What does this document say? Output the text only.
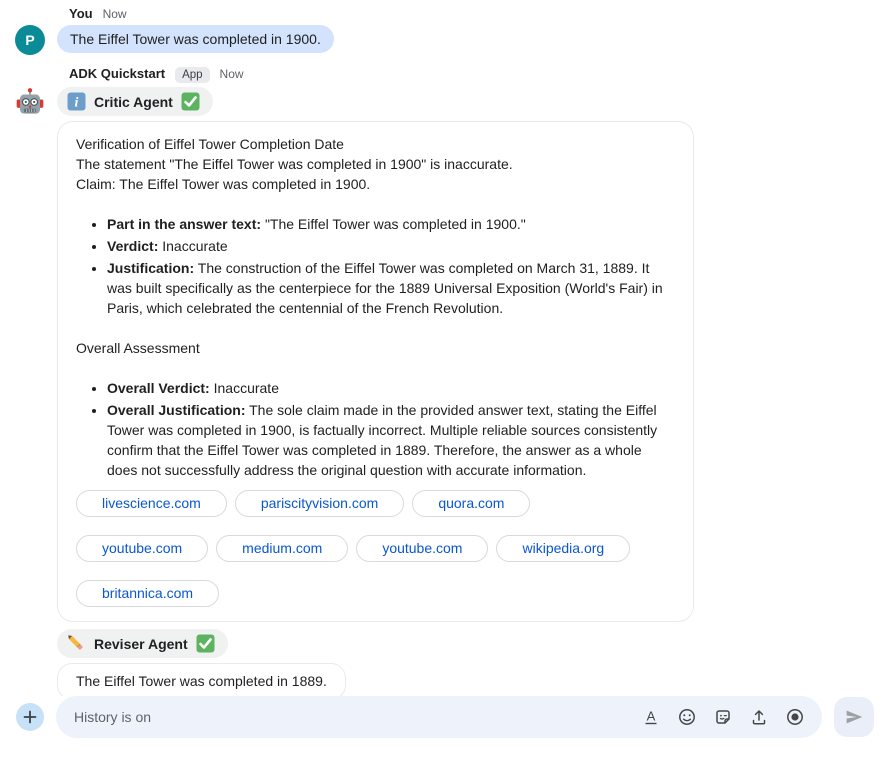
You Now
P	The Eiffel Tower was completed in 1900.
ADK Quickstart	App	Now
i Critic Agent
Verification of Eiffel Tower Completion Date
The statement "The Eiffel Tower was completed in 1900" is inaccurate.
Claim: The Eiffel Tower was completed in 1900.
• Part in the answer text: "The Eiffel Tower was completed in 1900."
• Verdict: Inaccurate
• Justification: The construction of the Eiffel Tower was completed on March 31, 1889. It was built specifically as the centerpiece for the 1889 Universal Exposition (World's Fair) in Paris, which celebrated the centennial of the French Revolution.
Overall Assessment
• Overall Verdict: Inaccurate
• Overall Justification: The sole claim made in the provided answer text, stating the Eiffel Tower was completed in 1900, is factually incorrect. Multiple reliable sources consistently confirm that the Eiffel Tower was completed in 1889. Therefore, the answer as a whole does not successfully address the original question with accurate information.
livescience.com	pariscityvision.com	quora.com
youtube.com	medium.com	youtube.com	wikipedia.org
britannica.com
Reviser Agent
The Eiffel Tower was completed in 1889.
History is on
A
